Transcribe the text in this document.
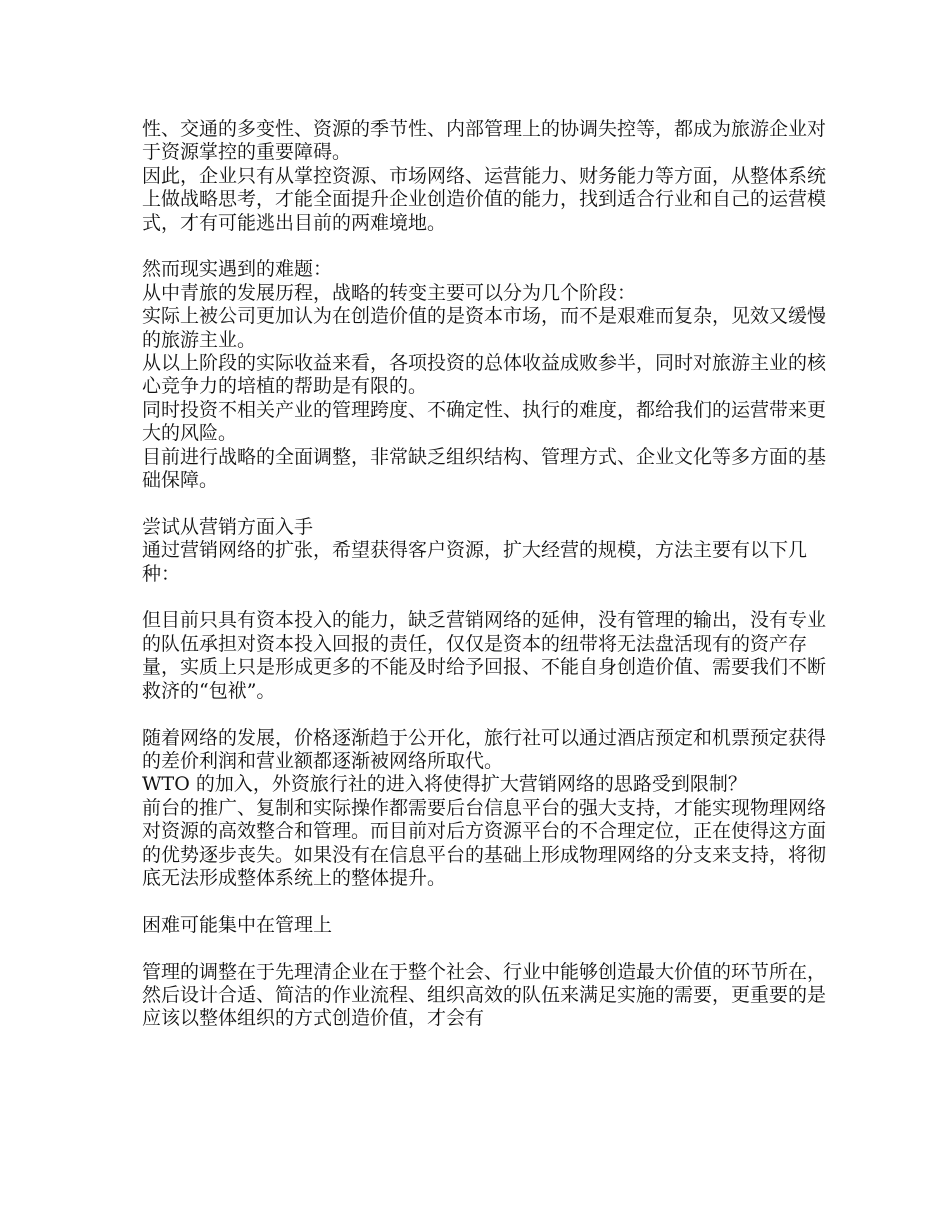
性、交通的多变性、资源的季节性、内部管理上的协调失控等，都成为旅游企业对于资源掌控的重要障碍。

因此，企业只有从掌控资源、市场网络、运营能力、财务能力等方面，从整体系统上做战略思考，才能全面提升企业创造价值的能力，找到适合行业和自己的运营模式，才有可能逃出目前的两难境地。

然而现实遇到的难题：

从中青旅的发展历程，战略的转变主要可以分为几个阶段：

实际上被公司更加认为在创造价值的是资本市场，而不是艰难而复杂，见效又缓慢的旅游主业。

从以上阶段的实际收益来看，各项投资的总体收益成败参半，同时对旅游主业的核心竞争力的培植的帮助是有限的。

同时投资不相关产业的管理跨度、不确定性、执行的难度，都给我们的运营带来更大的风险。

目前进行战略的全面调整，非常缺乏组织结构、管理方式、企业文化等多方面的基础保障。

尝试从营销方面入手

通过营销网络的扩张，希望获得客户资源，扩大经营的规模，方法主要有以下几种：

但目前只具有资本投入的能力，缺乏营销网络的延伸，没有管理的输出，没有专业的队伍承担对资本投入回报的责任，仅仅是资本的纽带将无法盘活现有的资产存量，实质上只是形成更多的不能及时给予回报、不能自身创造价值、需要我们不断救济的“包袱”。

随着网络的发展，价格逐渐趋于公开化，旅行社可以通过酒店预定和机票预定获得的差价利润和营业额都逐渐被网络所取代。

WTO 的加入，外资旅行社的进入将使得扩大营销网络的思路受到限制？

前台的推广、复制和实际操作都需要后台信息平台的强大支持，才能实现物理网络对资源的高效整合和管理。而目前对后方资源平台的不合理定位，正在使得这方面的优势逐步丧失。如果没有在信息平台的基础上形成物理网络的分支来支持，将彻底无法形成整体系统上的整体提升。

困难可能集中在管理上

管理的调整在于先理清企业在于整个社会、行业中能够创造最大价值的环节所在，然后设计合适、简洁的作业流程、组织高效的队伍来满足实施的需要，更重要的是应该以整体组织的方式创造价值，才会有
